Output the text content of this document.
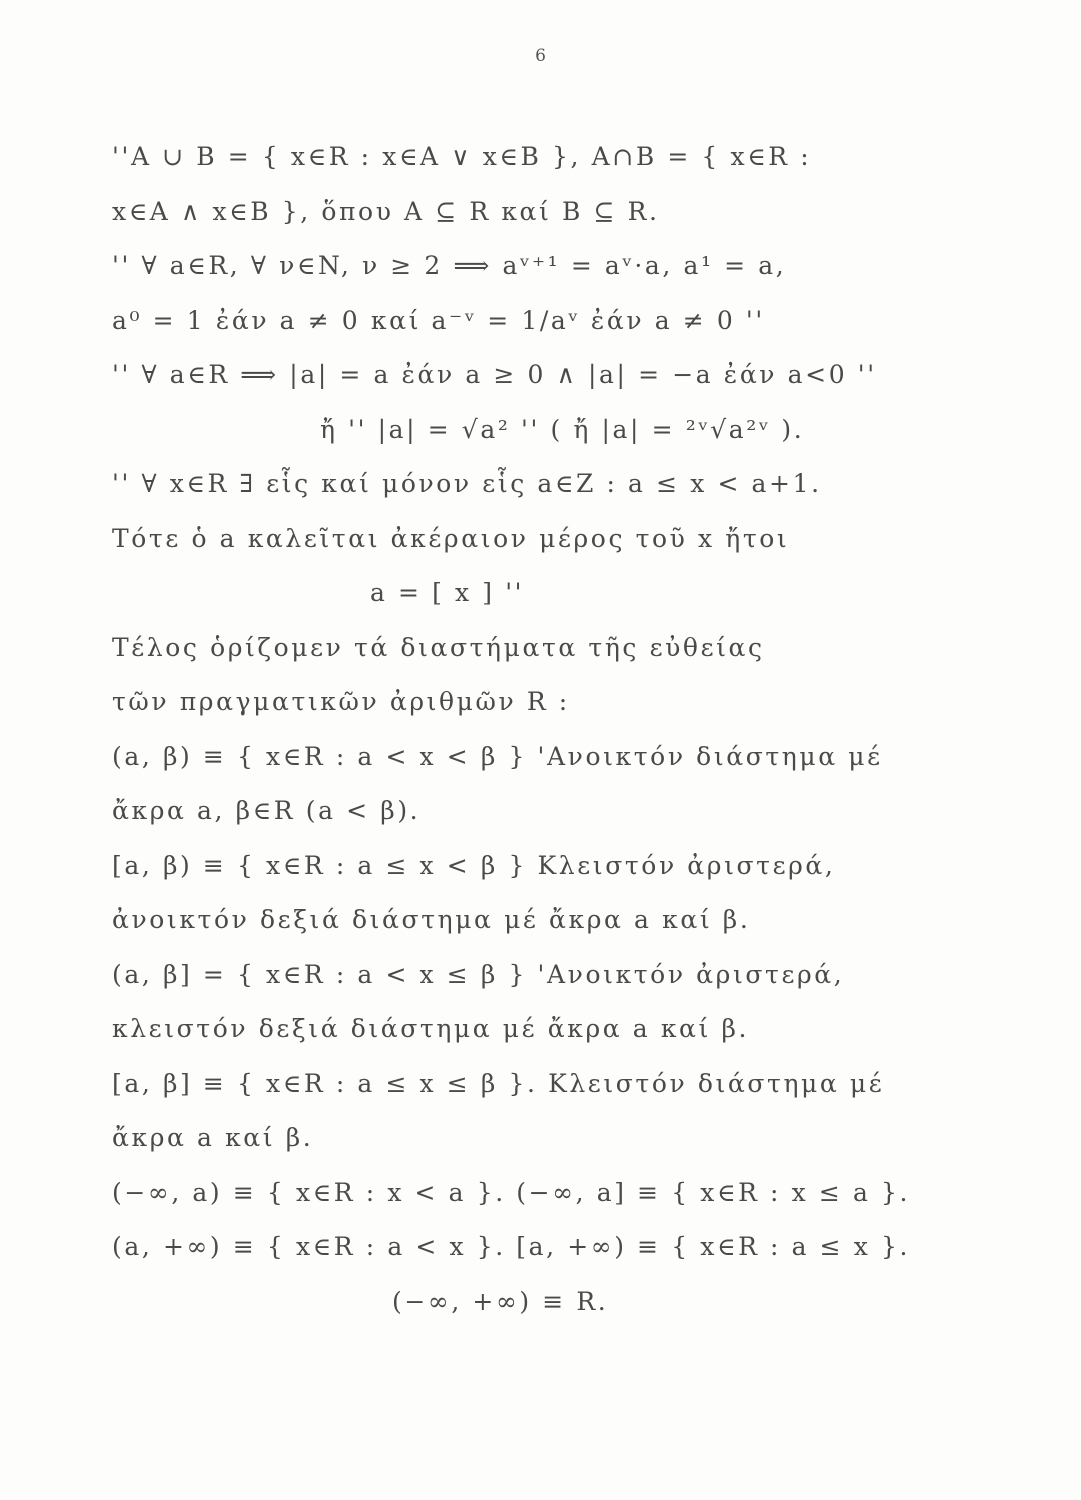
6
''A ∪ B = { x∈R : x∈A ∨ x∈B }, A∩B = { x∈R :
x∈A ∧ x∈B }, ὅπου A ⊆ R καί B ⊆ R.
'' ∀ a∈R, ∀ ν∈N, ν ≥ 2 ⟹ aᵛ⁺¹ = aᵛ·a, a¹ = a,
a⁰ = 1 ἐάν a ≠ 0 καί a⁻ᵛ = 1/aᵛ ἐάν a ≠ 0 ''
'' ∀ a∈R ⟹ |a| = a ἐάν a ≥ 0 ∧ |a| = −a ἐάν a<0 ''
ἤ '' |a| = √a² '' ( ἤ |a| = ²ᵛ√a²ᵛ ).
'' ∀ x∈R ∃ εἷς καί μόνον εἷς a∈Z : a ≤ x < a+1.
Τότε ὁ a καλεῖται ἀκέραιον μέρος τοῦ x ἤτοι
a = [ x ] ''
Τέλος ὁρίζομεν τά διαστήματα τῆς εὐθείας
τῶν πραγματικῶν ἀριθμῶν R :
(a, β) ≡ { x∈R : a < x < β } 'Ανοικτόν διάστημα μέ
ἄκρα a, β∈R (a < β).
[a, β) ≡ { x∈R : a ≤ x < β } Κλειστόν ἀριστερά,
ἀνοικτόν δεξιά διάστημα μέ ἄκρα a καί β.
(a, β] = { x∈R : a < x ≤ β } 'Ανοικτόν ἀριστερά,
κλειστόν δεξιά διάστημα μέ ἄκρα a καί β.
[a, β] ≡ { x∈R : a ≤ x ≤ β }. Κλειστόν διάστημα μέ
ἄκρα a καί β.
(−∞, a) ≡ { x∈R : x < a }. (−∞, a] ≡ { x∈R : x ≤ a }.
(a, +∞) ≡ { x∈R : a < x }. [a, +∞) ≡ { x∈R : a ≤ x }.
(−∞, +∞) ≡ R.
